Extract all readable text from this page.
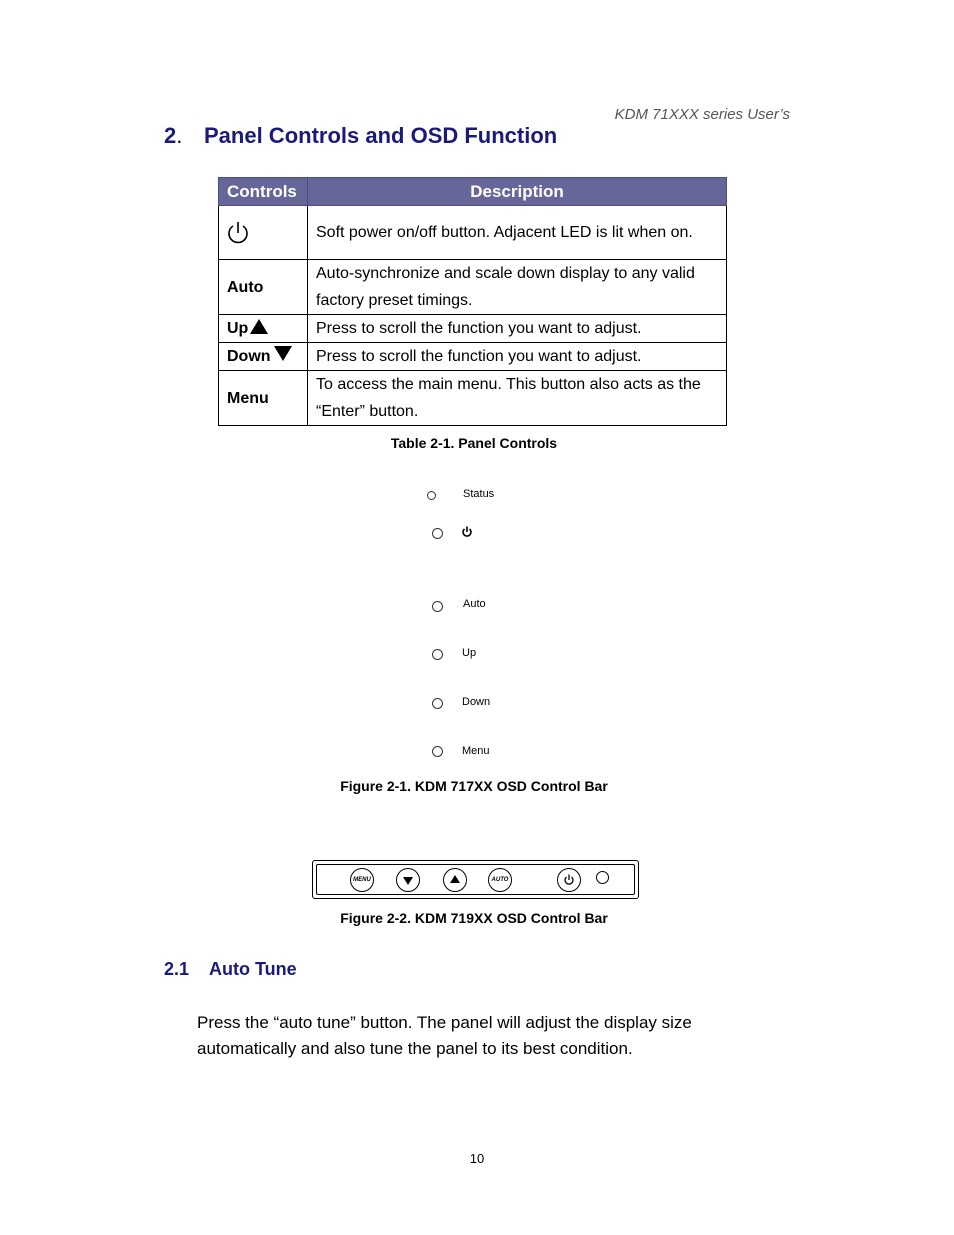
KDM 71XXX series User’s
2. Panel Controls and OSD Function
Controls	Description
	Soft power on/off button. Adjacent LED is lit when on.
Auto	Auto-synchronize and scale down display to any valid factory preset timings.
Up	Press to scroll the function you want to adjust.
Down	Press to scroll the function you want to adjust.
Menu	To access the main menu. This button also acts as the “Enter” button.
Table 2-1. Panel Controls
Status
Auto
Up
Down
Menu
Figure 2-1. KDM 717XX OSD Control Bar
MENU	AUTO
Figure 2-2. KDM 719XX OSD Control Bar
2.1 Auto Tune
Press the “auto tune” button. The panel will adjust the display size automatically and also tune the panel to its best condition.
10
